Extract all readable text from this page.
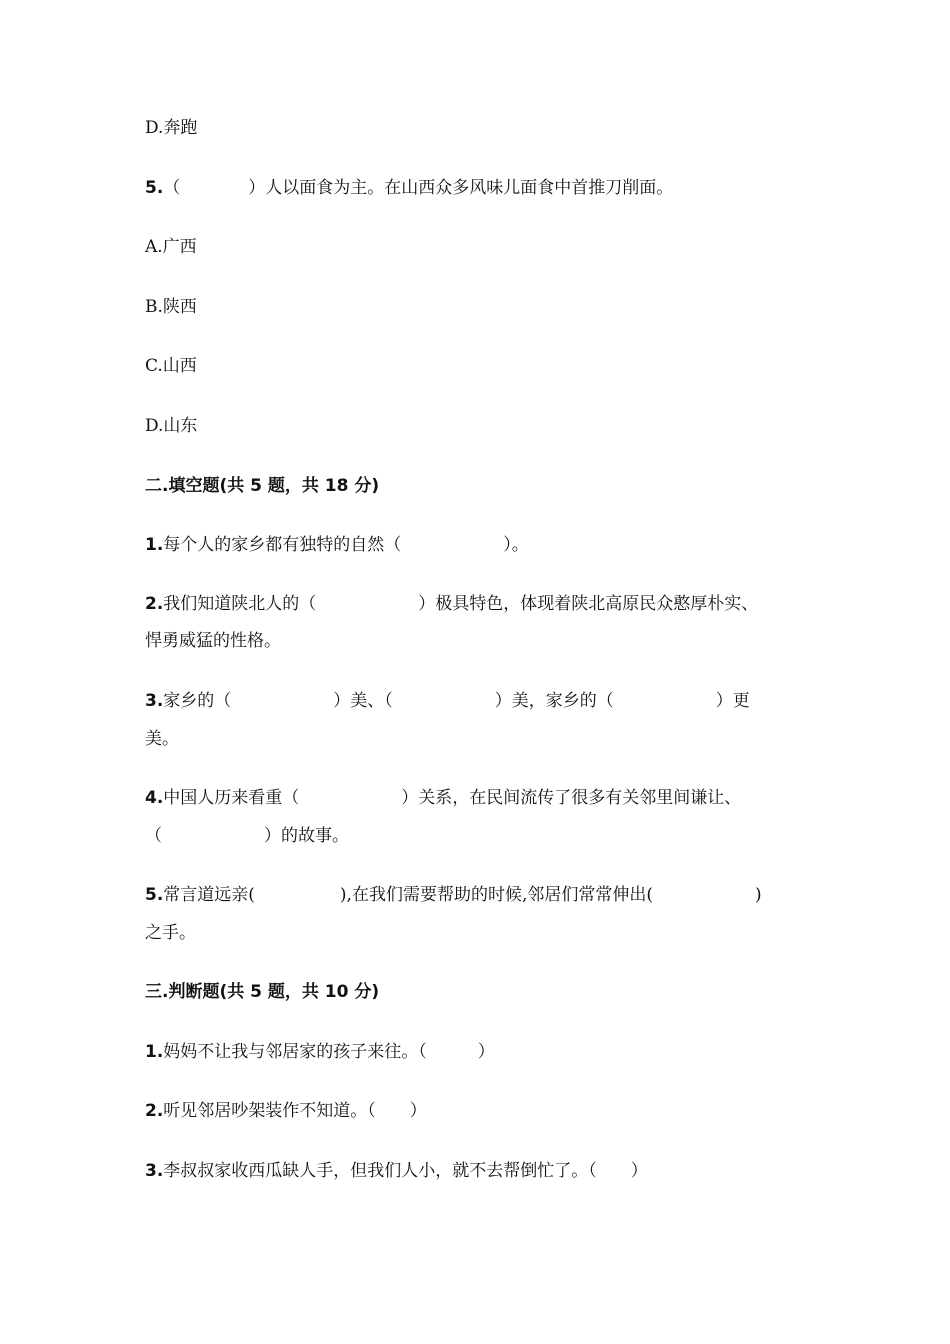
D.奔跑
5.（　　　　）人以面食为主。在山西众多风味儿面食中首推刀削面。
A.广西
B.陕西
C.山西
D.山东
二.填空题(共 5 题，共 18 分)
1.每个人的家乡都有独特的自然（　　　　　　）。
2.我们知道陕北人的（　　　　　　）极具特色，体现着陕北高原民众憨厚朴实、
悍勇威猛的性格。
3.家乡的（　　　　　　）美、（　　　　　　）美，家乡的（　　　　　　）更
美。
4.中国人历来看重（　　　　　　）关系，在民间流传了很多有关邻里间谦让、
（　　　　　　）的故事。
5.常言道远亲(　　　　　),在我们需要帮助的时候,邻居们常常伸出(　　　　　　)
之手。
三.判断题(共 5 题，共 10 分)
1.妈妈不让我与邻居家的孩子来往。（　　　）
2.听见邻居吵架装作不知道。（　　）
3.李叔叔家收西瓜缺人手，但我们人小，就不去帮倒忙了。（　　）
